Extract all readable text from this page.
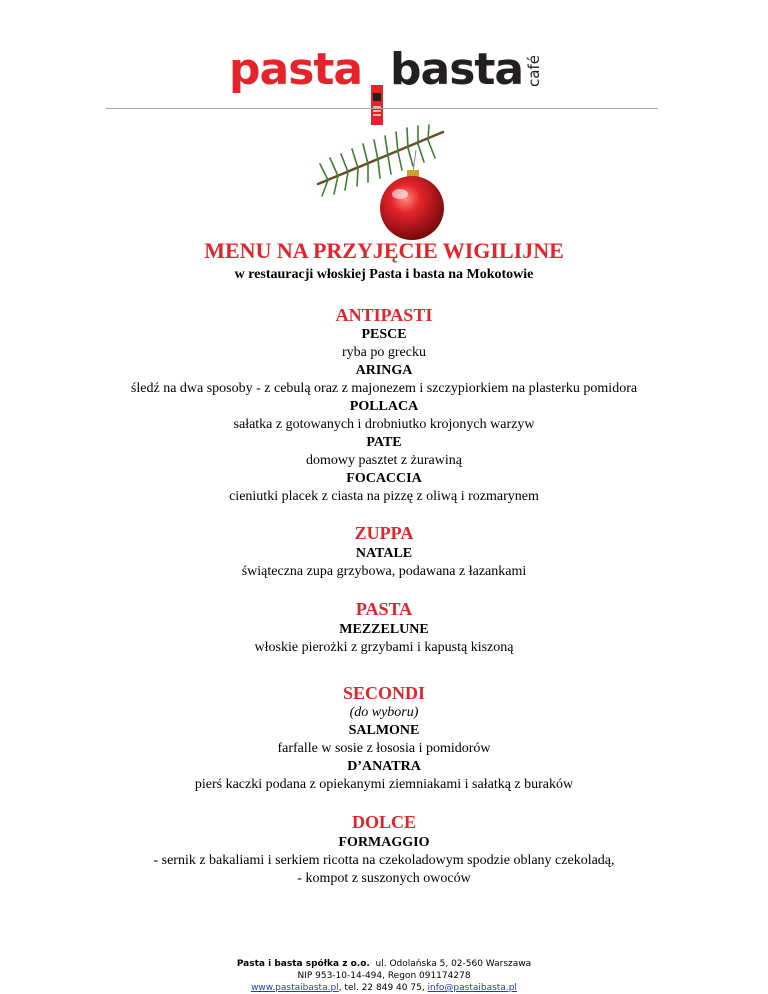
pasta basta café
MENU NA PRZYJĘCIE WIGILIJNE
w restauracji włoskiej Pasta i basta na Mokotowie
ANTIPASTI
PESCE
ryba po grecku
ARINGA
śledź na dwa sposoby - z cebulą oraz z majonezem i szczypiorkiem na plasterku pomidora
POLLACA
sałatka z gotowanych i drobniutko krojonych warzyw
PATE
domowy pasztet z żurawiną
FOCACCIA
cieniutki placek z ciasta na pizzę z oliwą i rozmarynem
ZUPPA
NATALE
świąteczna zupa grzybowa, podawana z łazankami
PASTA
MEZZELUNE
włoskie pierożki z grzybami i kapustą kiszoną
SECONDI
(do wyboru)
SALMONE
farfalle w sosie z łososia i pomidorów
D’ANATRA
pierś kaczki podana z opiekanymi ziemniakami i sałatką z buraków
DOLCE
FORMAGGIO
- sernik z bakaliami i serkiem ricotta na czekoladowym spodzie oblany czekoladą,
- kompot z suszonych owoców
Pasta i basta spółka z o.o. ul. Odolańska 5, 02-560 Warszawa
NIP 953-10-14-494, Regon 091174278
www.pastaibasta.pl, tel. 22 849 40 75, info@pastaibasta.pl
